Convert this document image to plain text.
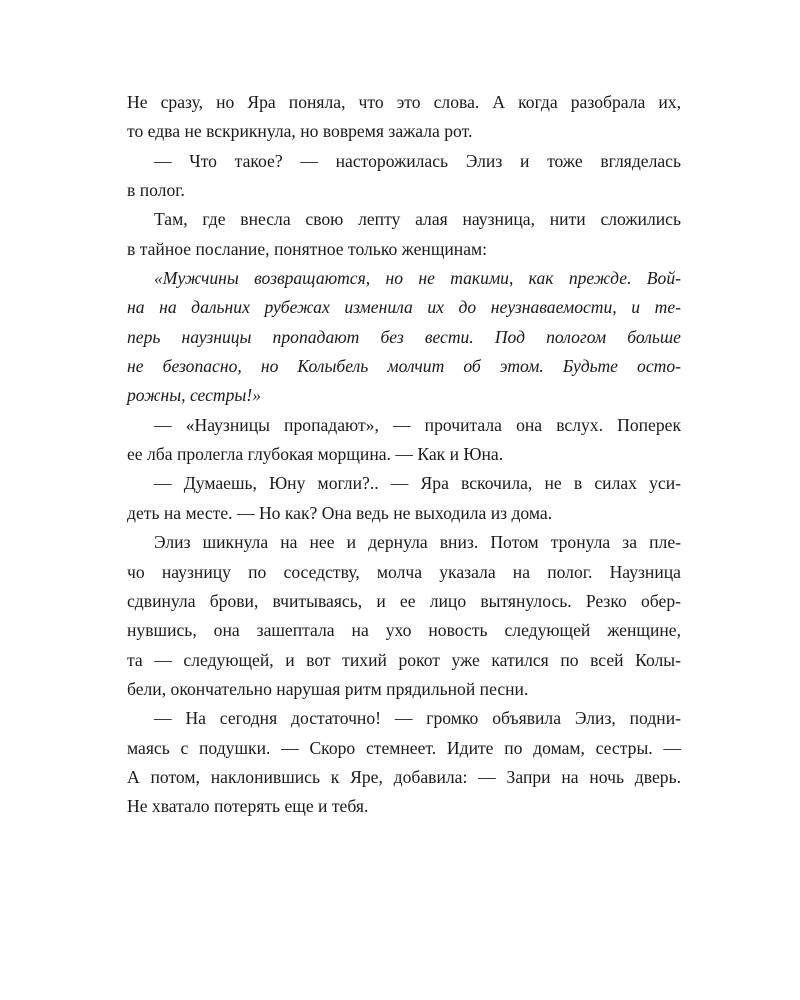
Не сразу, но Яра поняла, что это слова. А когда разобрала их,
то едва не вскрикнула, но вовремя зажала рот.
— Что такое? — насторожилась Элиз и тоже вгляделась
в полог.
Там, где внесла свою лепту алая наузница, нити сложились
в тайное послание, понятное только женщинам:
«Мужчины возвращаются, но не такими, как прежде. Вой-
на на дальних рубежах изменила их до неузнаваемости, и те-
перь наузницы пропадают без вести. Под пологом больше
не безопасно, но Колыбель молчит об этом. Будьте осто-
рожны, сестры!»
— «Наузницы пропадают», — прочитала она вслух. Поперек
ее лба пролегла глубокая морщина. — Как и Юна.
— Думаешь, Юну могли?.. — Яра вскочила, не в силах уси-
деть на месте. — Но как? Она ведь не выходила из дома.
Элиз шикнула на нее и дернула вниз. Потом тронула за пле-
чо наузницу по соседству, молча указала на полог. Наузница
сдвинула брови, вчитываясь, и ее лицо вытянулось. Резко обер-
нувшись, она зашептала на ухо новость следующей женщине,
та — следующей, и вот тихий рокот уже катился по всей Колы-
бели, окончательно нарушая ритм прядильной песни.
— На сегодня достаточно! — громко объявила Элиз, подни-
маясь с подушки. — Скоро стемнеет. Идите по домам, сестры. —
А потом, наклонившись к Яре, добавила: — Запри на ночь дверь.
Не хватало потерять еще и тебя.
